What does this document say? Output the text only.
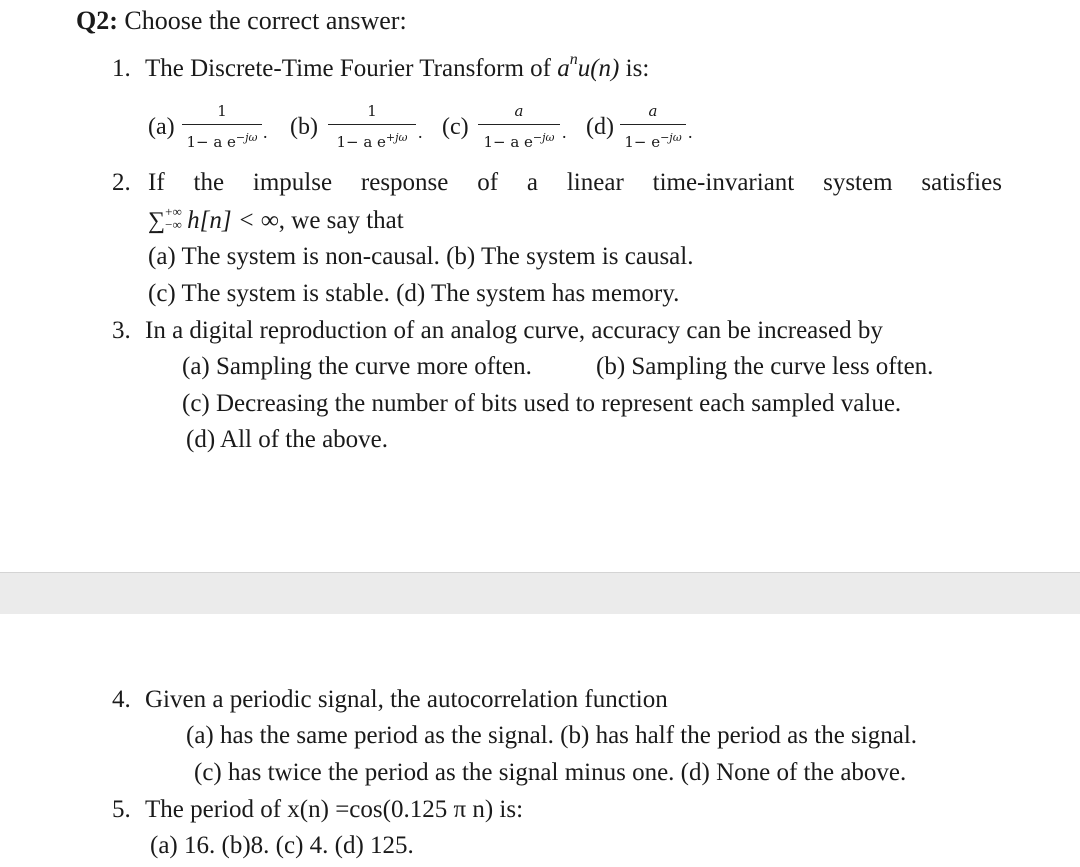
Q2: Choose the correct answer:
1. The Discrete-Time Fourier Transform of $a^nu(n)$ is:
(a)
1
1− a $e^{-j\omega}$ . (b)
1
1− a $e^{+j\omega}$ . (c)
a
1− a $e^{-j\omega}$ . (d)
a
$1- e^{-j\omega}$ .
2. If the impulse response of a linear time-invariant system satisfies
∑ +∞
−∞ h[n] < ∞, we say that
(a) The system is non-causal. (b) The system is causal.
(c) The system is stable. (d) The system has memory.
3. In a digital reproduction of an analog curve, accuracy can be increased by
(a) Sampling the curve more often.	(b) Sampling the curve less often.
(c) Decreasing the number of bits used to represent each sampled value.
(d) All of the above.
4. Given a periodic signal, the autocorrelation function
(a) has the same period as the signal. (b) has half the period as the signal.
(c) has twice the period as the signal minus one. (d) None of the above.
5. The period of x(n) =cos(0.125 π n) is:
(a) 16. (b)8. (c) 4. (d) 125.
